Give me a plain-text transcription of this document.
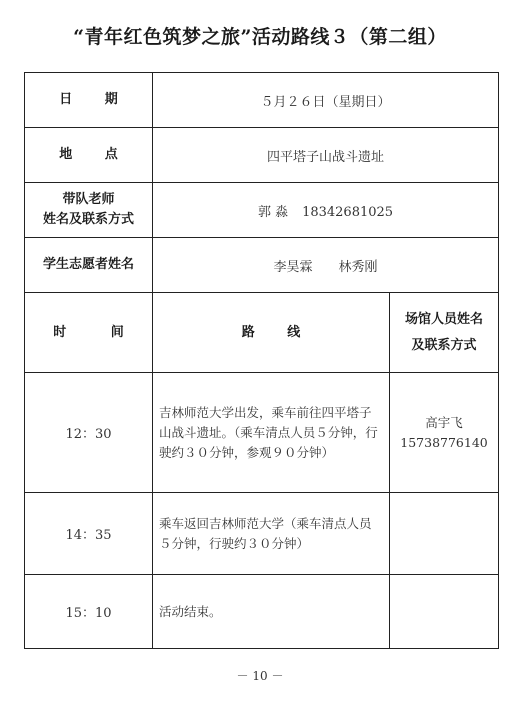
“青年红色筑梦之旅”活动路线３（第二组）
日 期	５月２６日（星期日）	
地 点	四平塔子山战斗遗址	

带队老师
姓名及联系方式	郭 淼 18342681025	
学生志愿者姓名	李昊霖 林秀刚	
时 间	路 线	场馆人员姓名
及联系方式

12：30	吉林师范大学出发，乘车前往四平塔子山战斗遗址。（乘车清点人员５分钟，行驶约３０分钟，参观９０分钟）	高宇飞
15738776140

14：35	乘车返回吉林师范大学（乘车清点人员５分钟，行驶约３０分钟）	

15：10	活动结束。	
－ 10 －
